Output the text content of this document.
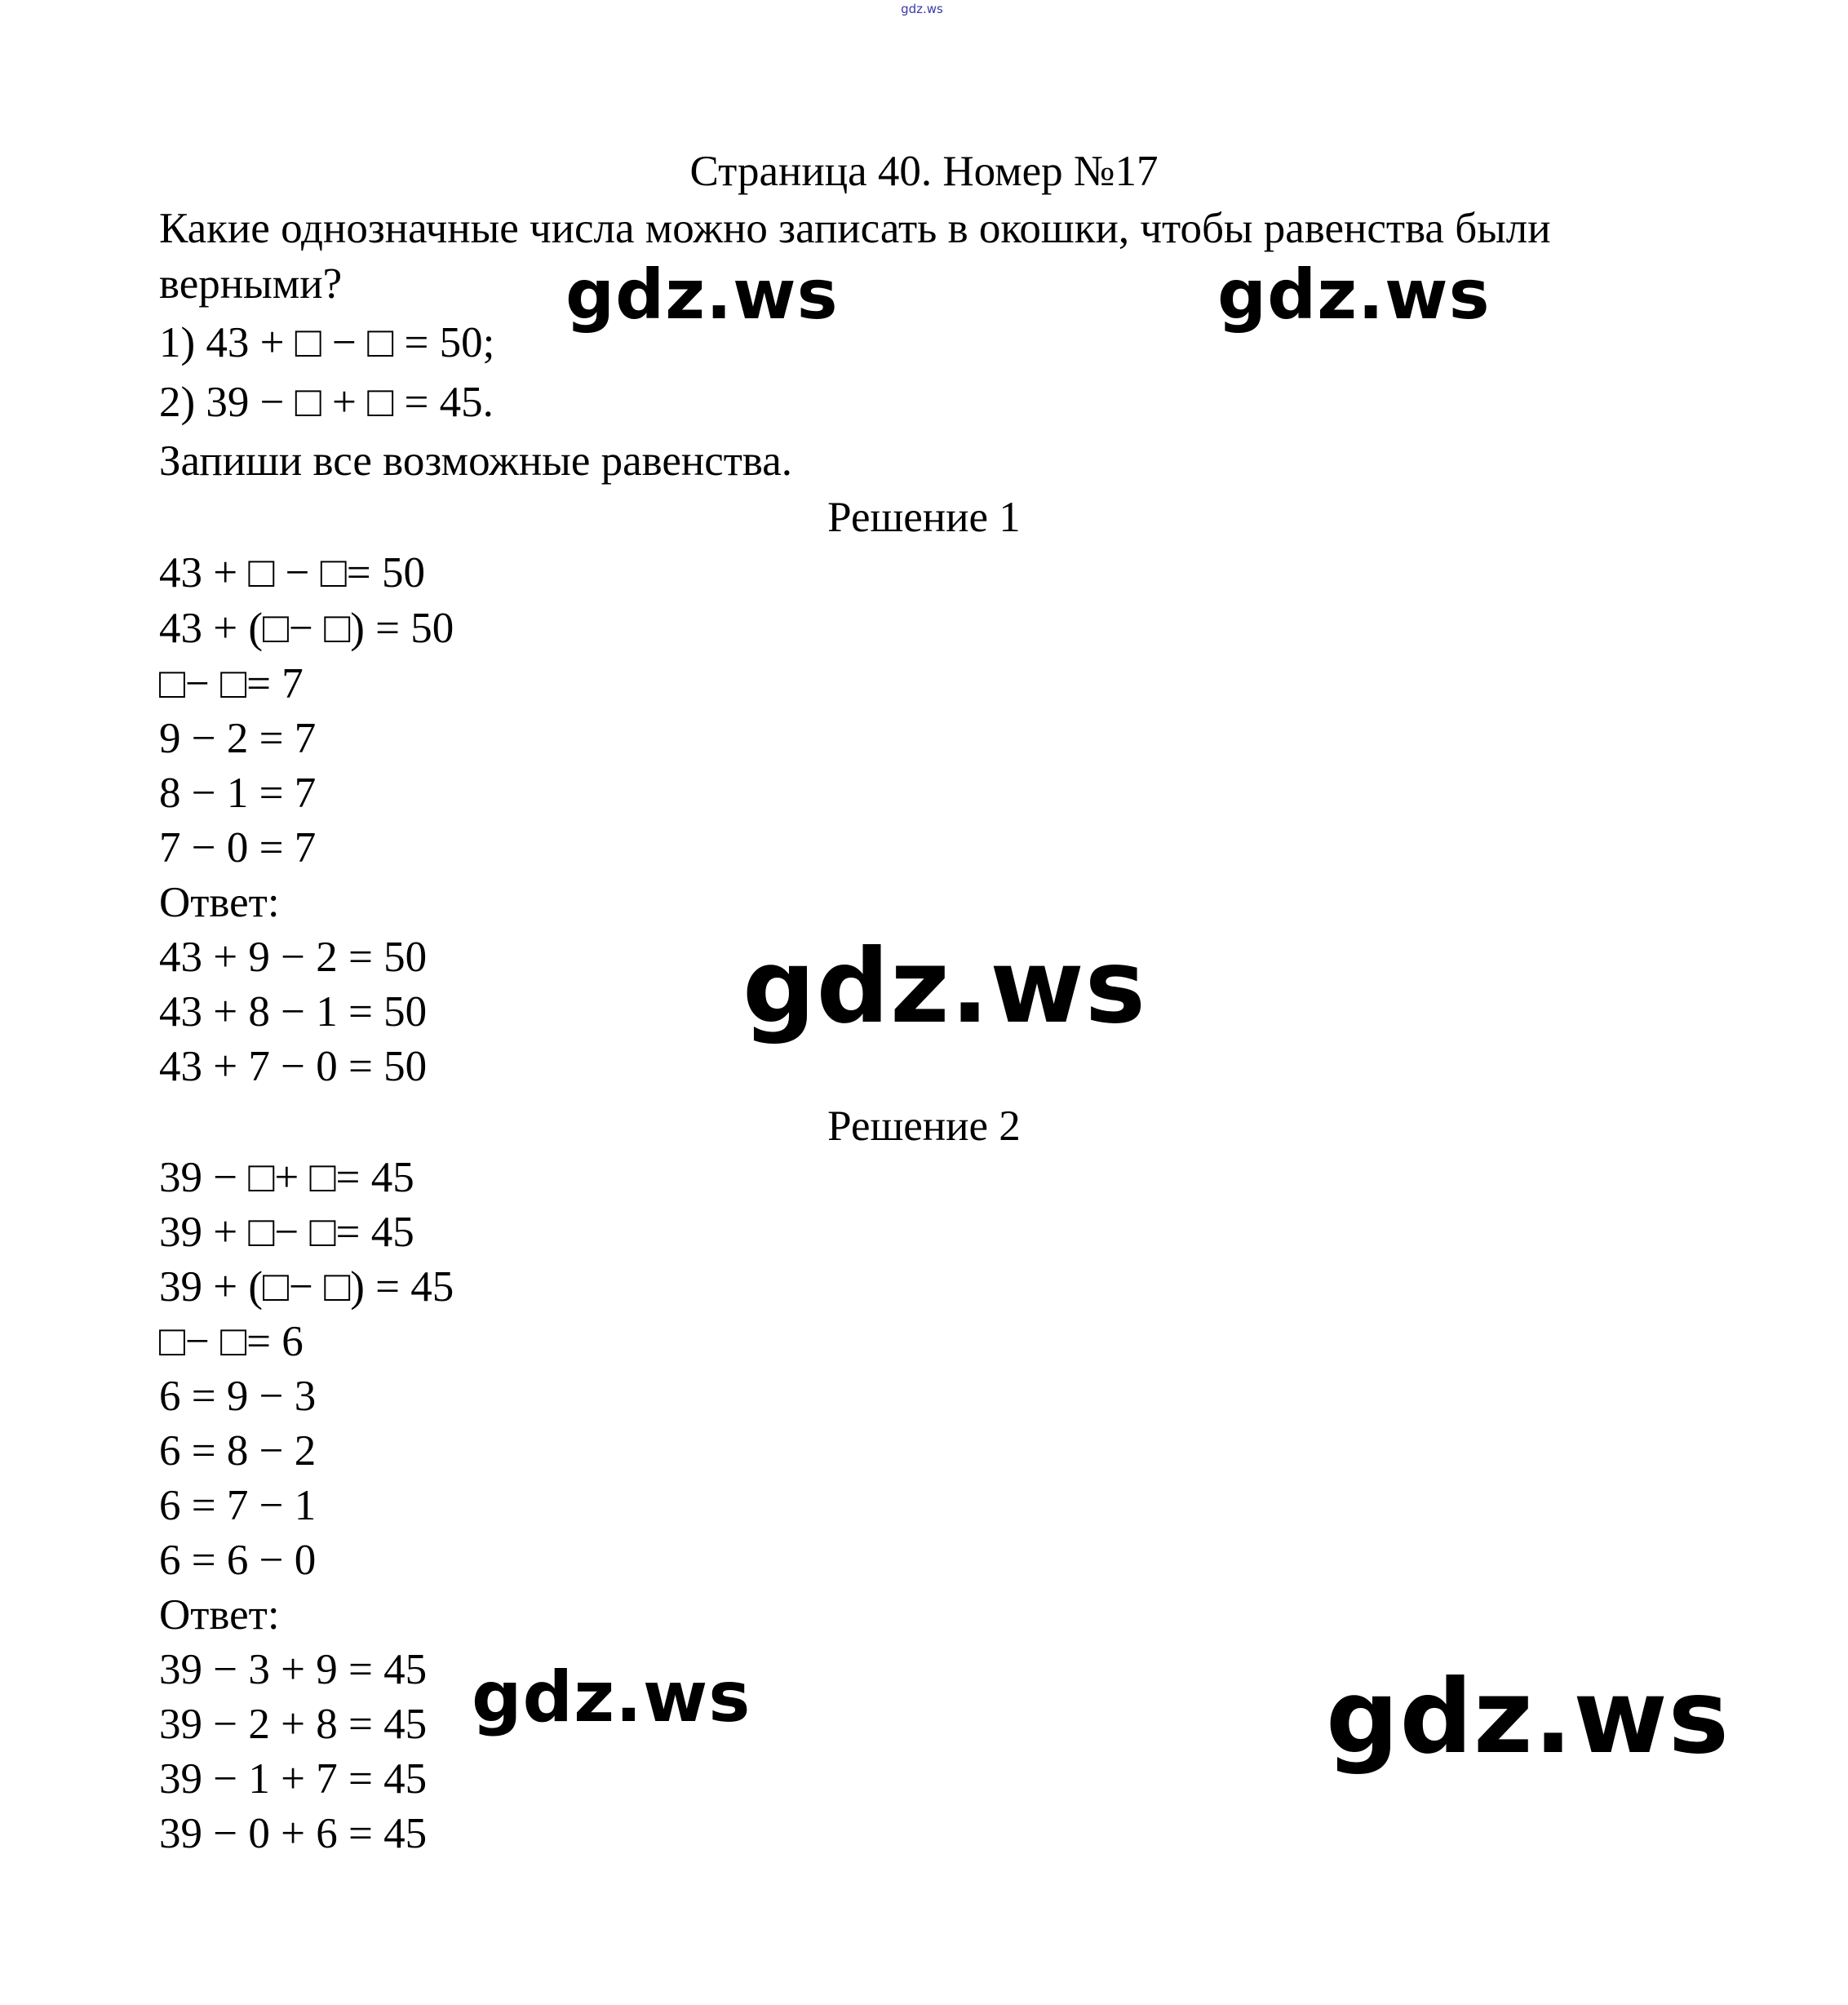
gdz.ws
Страница 40. Номер №17
Какие однозначные числа можно записать в окошки, чтобы равенства были
верными?
1) 43 + □ − □ = 50;
2) 39 − □ + □ = 45.
Запиши все возможные равенства.
Решение 1
43 + □ − □= 50
43 + (□− □) = 50
□− □= 7
9 − 2 = 7
8 − 1 = 7
7 − 0 = 7
Ответ:
43 + 9 − 2 = 50
43 + 8 − 1 = 50
43 + 7 − 0 = 50
Решение 2
39 − □+ □= 45
39 + □− □= 45
39 + (□− □) = 45
□− □= 6
6 = 9 − 3
6 = 8 − 2
6 = 7 − 1
6 = 6 − 0
Ответ:
39 − 3 + 9 = 45
39 − 2 + 8 = 45
39 − 1 + 7 = 45
39 − 0 + 6 = 45
gdz.ws	gdz.ws
gdz.ws
gdz.ws	gdz.ws
